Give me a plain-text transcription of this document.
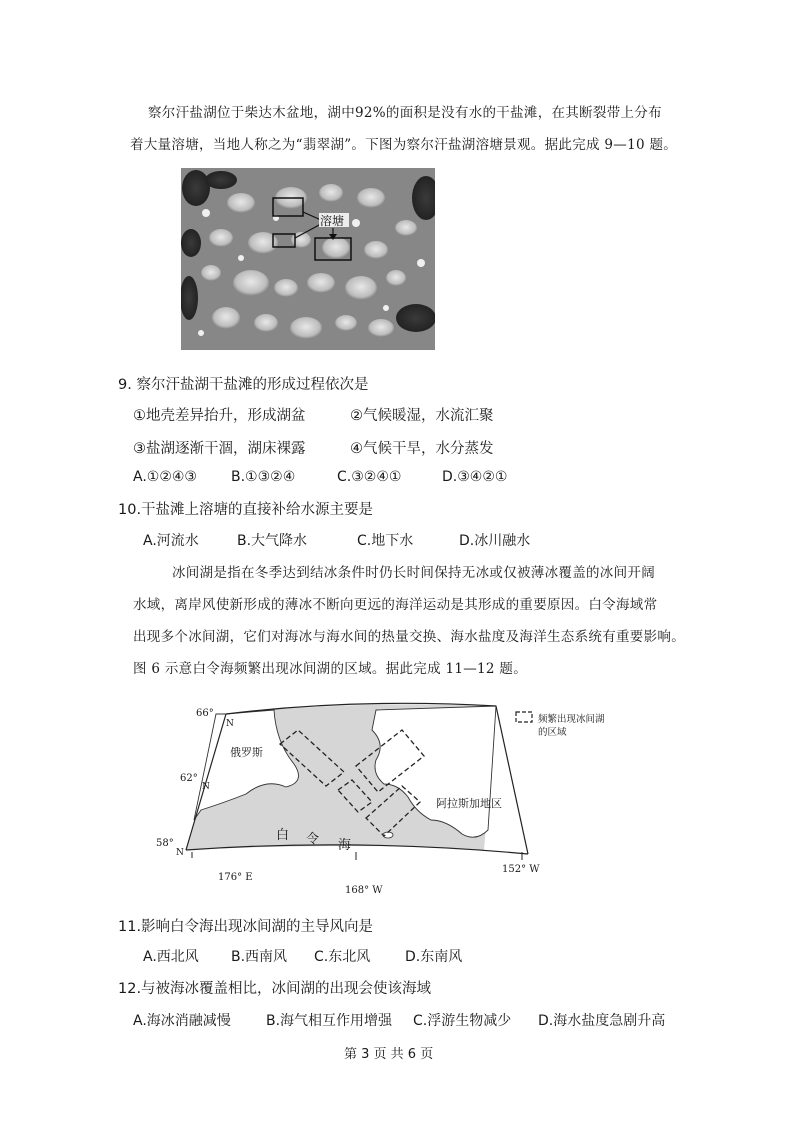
察尔汗盐湖位于柴达木盆地，湖中92%的面积是没有水的干盐滩，在其断裂带上分布
着大量溶塘，当地人称之为“翡翠湖”。下图为察尔汗盐湖溶塘景观。据此完成 9—10 题。
溶塘
9. 察尔汗盐湖干盐滩的形成过程依次是
①地壳差异抬升，形成湖盆	②气候暖湿，水流汇聚
③盐湖逐渐干涸，湖床裸露	④气候干旱，水分蒸发
A.①②④③ B.①③②④	C.③②④①	D.③④②①
10.干盐滩上溶塘的直接补给水源主要是
A.河流水	B.大气降水	C.地下水	D.冰川融水
冰间湖是指在冬季达到结冰条件时仍长时间保持无冰或仅被薄冰覆盖的冰间开阔
水域，离岸风使新形成的薄冰不断向更远的海洋运动是其形成的重要原因。白令海域常
出现多个冰间湖，它们对海冰与海水间的热量交换、海水盐度及海洋生态系统有重要影响。
图 6 示意白令海频繁出现冰间湖的区域。据此完成 11—12 题。
66°
N
62°
N
58°
N
176° E
168° W
152° W
俄罗斯
阿拉斯加地区
白 令 海
频繁出现冰间湖
的区域
11.影响白令海出现冰间湖的主导风向是
A.西北风 B.西南风 C.东北风 D.东南风
12.与被海冰覆盖相比，冰间湖的出现会使该海域
A.海冰消融减慢	B.海气相互作用增强 C.浮游生物减少 D.海水盐度急剧升高
第 3 页 共 6 页
